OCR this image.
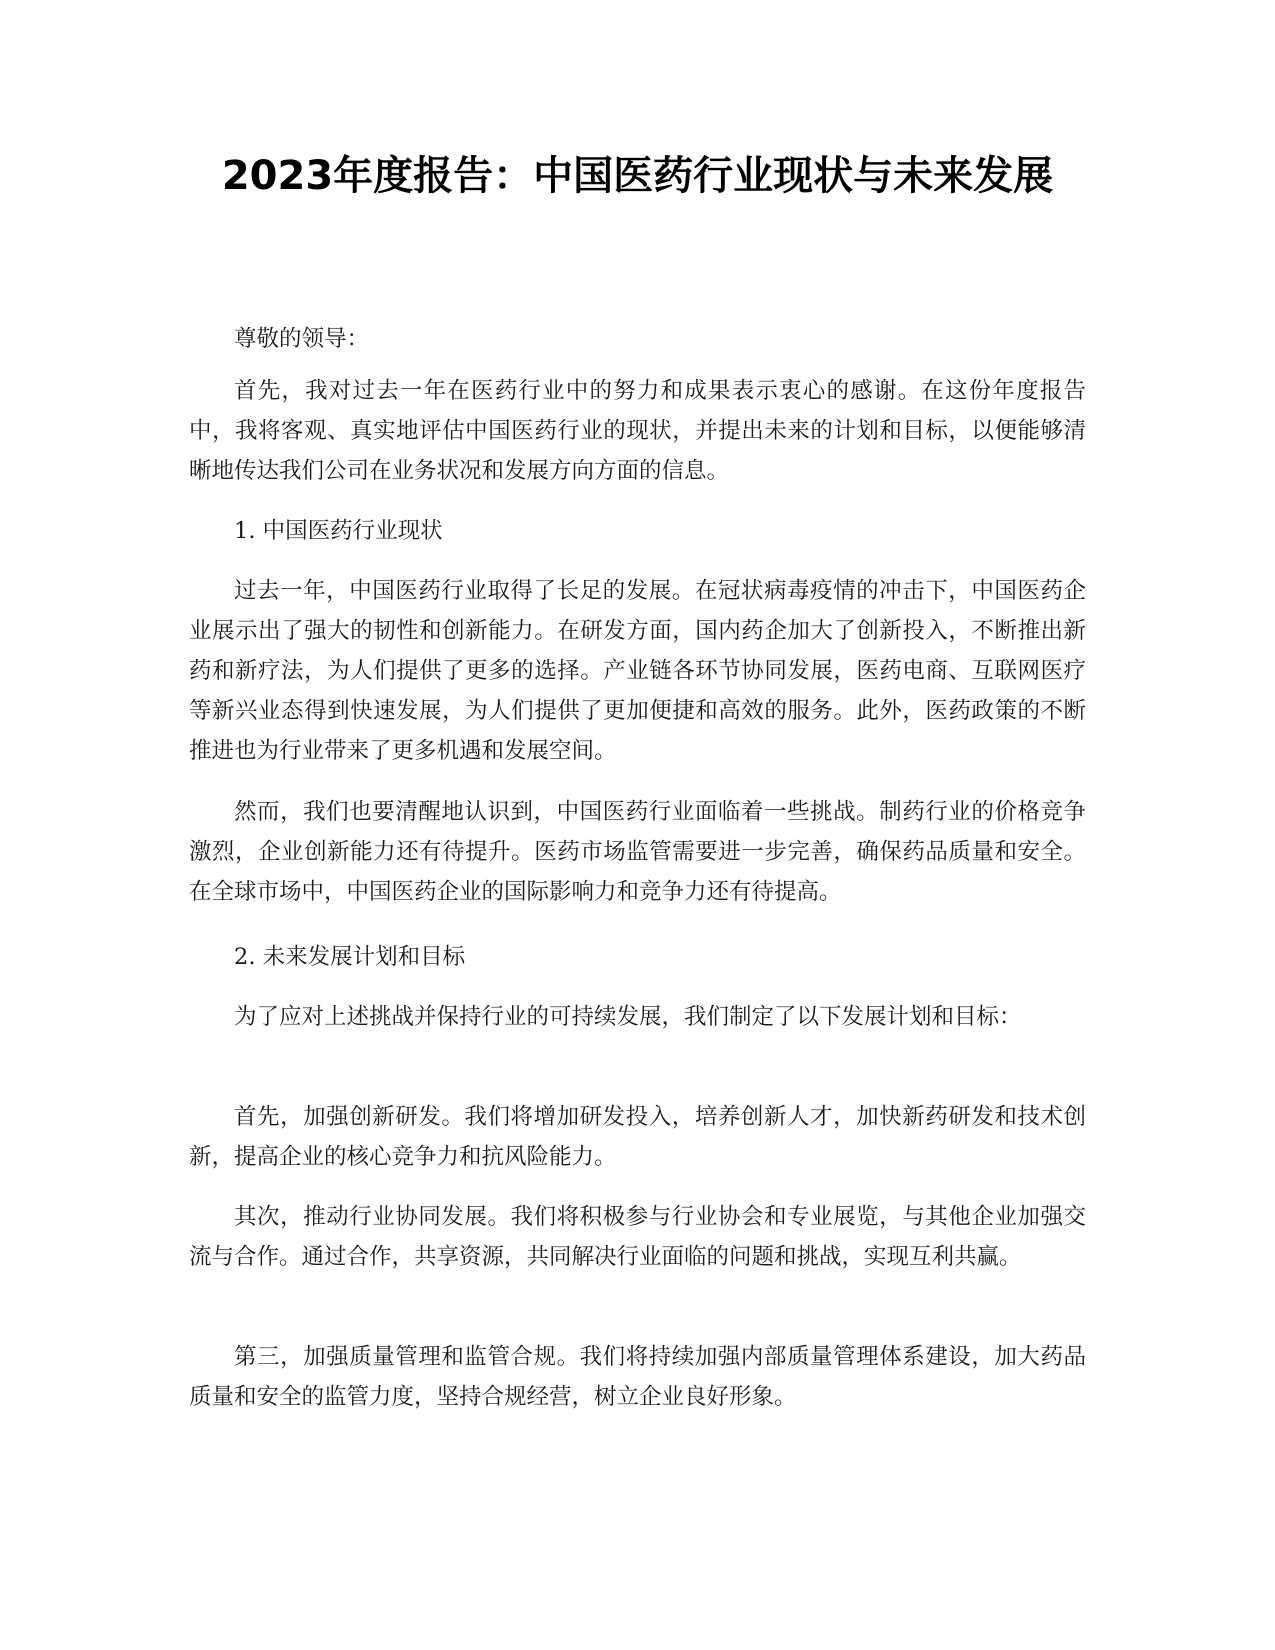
2023年度报告：中国医药行业现状与未来发展

尊敬的领导：

首先，我对过去一年在医药行业中的努力和成果表示衷心的感谢。在这份年度报告中，我将客观、真实地评估中国医药行业的现状，并提出未来的计划和目标，以便能够清晰地传达我们公司在业务状况和发展方向方面的信息。

1. 中国医药行业现状

过去一年，中国医药行业取得了长足的发展。在冠状病毒疫情的冲击下，中国医药企业展示出了强大的韧性和创新能力。在研发方面，国内药企加大了创新投入，不断推出新药和新疗法，为人们提供了更多的选择。产业链各环节协同发展，医药电商、互联网医疗等新兴业态得到快速发展，为人们提供了更加便捷和高效的服务。此外，医药政策的不断推进也为行业带来了更多机遇和发展空间。

然而，我们也要清醒地认识到，中国医药行业面临着一些挑战。制药行业的价格竞争激烈，企业创新能力还有待提升。医药市场监管需要进一步完善，确保药品质量和安全。在全球市场中，中国医药企业的国际影响力和竞争力还有待提高。

2. 未来发展计划和目标

为了应对上述挑战并保持行业的可持续发展，我们制定了以下发展计划和目标：

首先，加强创新研发。我们将增加研发投入，培养创新人才，加快新药研发和技术创新，提高企业的核心竞争力和抗风险能力。

其次，推动行业协同发展。我们将积极参与行业协会和专业展览，与其他企业加强交流与合作。通过合作，共享资源，共同解决行业面临的问题和挑战，实现互利共赢。

第三，加强质量管理和监管合规。我们将持续加强内部质量管理体系建设，加大药品质量和安全的监管力度，坚持合规经营，树立企业良好形象。
